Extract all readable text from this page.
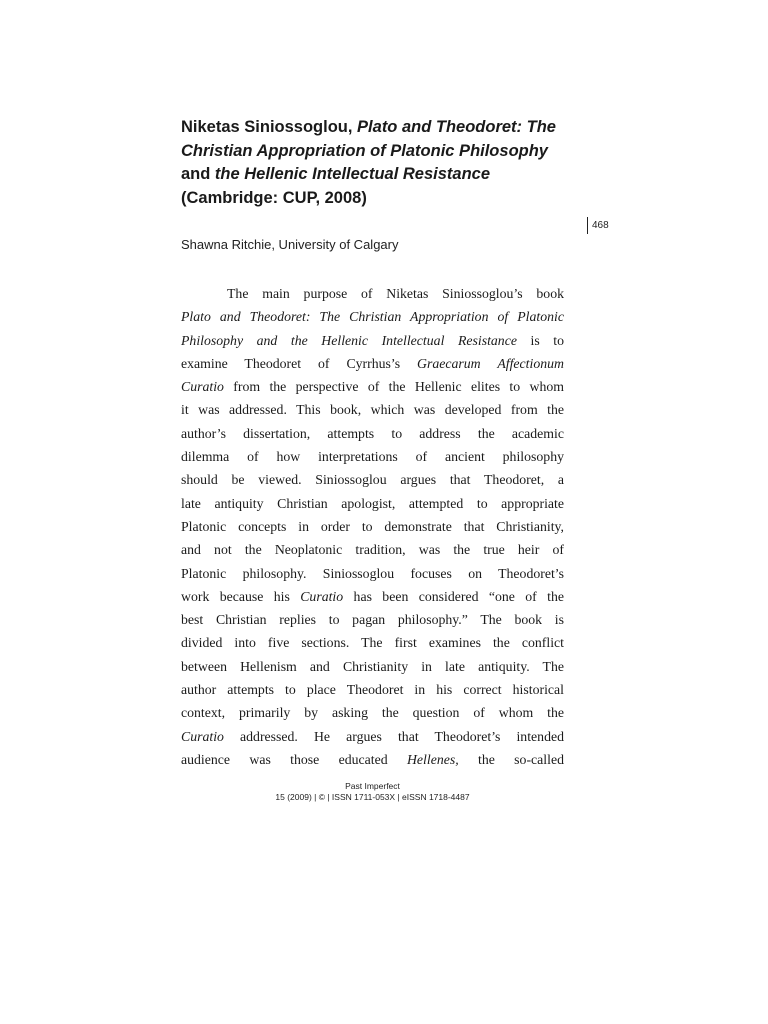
Niketas Siniossoglou, Plato and Theodoret: The Christian Appropriation of Platonic Philosophy and the Hellenic Intellectual Resistance (Cambridge: CUP, 2008)
468
Shawna Ritchie, University of Calgary
The main purpose of Niketas Siniossoglou’s book
Plato and Theodoret: The Christian Appropriation of Platonic
Philosophy and the Hellenic Intellectual Resistance is to
examine Theodoret of Cyrrhus’s Graecarum Affectionum
Curatio from the perspective of the Hellenic elites to whom
it was addressed. This book, which was developed from the
author’s dissertation, attempts to address the academic
dilemma of how interpretations of ancient philosophy
should be viewed. Siniossoglou argues that Theodoret, a
late antiquity Christian apologist, attempted to appropriate
Platonic concepts in order to demonstrate that Christianity,
and not the Neoplatonic tradition, was the true heir of
Platonic philosophy. Siniossoglou focuses on Theodoret’s
work because his Curatio has been considered “one of the
best Christian replies to pagan philosophy.” The book is
divided into five sections. The first examines the conflict
between Hellenism and Christianity in late antiquity. The
author attempts to place Theodoret in his correct historical
context, primarily by asking the question of whom the
Curatio addressed. He argues that Theodoret’s intended
audience was those educated Hellenes, the so-called
Past Imperfect
15 (2009) | © | ISSN 1711-053X | eISSN 1718-4487
